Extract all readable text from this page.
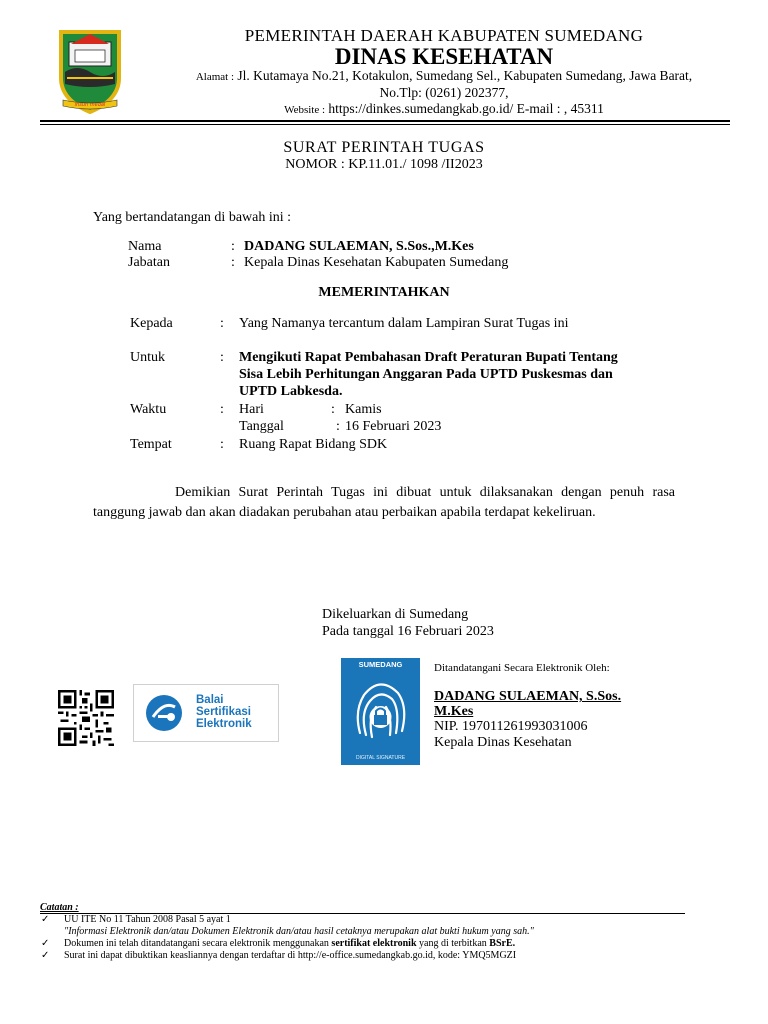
insun medal
PEMERINTAH DAERAH KABUPATEN SUMEDANG
DINAS KESEHATAN
Alamat : Jl. Kutamaya No.21, Kotakulon, Sumedang Sel., Kabupaten Sumedang, Jawa Barat,
No.Tlp: (0261) 202377,
Website : https://dinkes.sumedangkab.go.id/ E-mail : , 45311
SURAT PERINTAH TUGAS
NOMOR : KP.11.01./ 1098 /II2023
Yang bertandatangan di bawah ini :
Nama	: DADANG SULAEMAN, S.Sos.,M.Kes
Jabatan	: Kepala Dinas Kesehatan Kabupaten Sumedang
MEMERINTAHKAN
Kepada	: Yang Namanya tercantum dalam Lampiran Surat Tugas ini
Untuk	: Mengikuti Rapat Pembahasan Draft Peraturan Bupati Tentang
Sisa Lebih Perhitungan Anggaran Pada UPTD Puskesmas dan
UPTD Labkesda.
Waktu	: Hari	: Kamis
Tanggal	: 16 Februari 2023
Tempat	: Ruang Rapat Bidang SDK
Demikian Surat Perintah Tugas ini dibuat untuk dilaksanakan dengan penuh rasa tanggung jawab dan akan diadakan perubahan atau perbaikan apabila terdapat kekeliruan.
Dikeluarkan di Sumedang
Pada tanggal 16 Februari 2023
Balai
Sertifikasi
Elektronik
SUMEDANG
DIGITAL SIGNATURE
Ditandatangani Secara Elektronik Oleh:
DADANG SULAEMAN, S.Sos.
M.Kes
NIP. 197011261993031006
Kepala Dinas Kesehatan
Catatan :
✓ UU ITE No 11 Tahun 2008 Pasal 5 ayat 1
"Informasi Elektronik dan/atau Dokumen Elektronik dan/atau hasil cetaknya merupakan alat bukti hukum yang sah."
✓ Dokumen ini telah ditandatangani secara elektronik menggunakan sertifikat elektronik yang di terbitkan BSrE.
✓ Surat ini dapat dibuktikan keasliannya dengan terdaftar di http://e-office.sumedangkab.go.id, kode: YMQ5MGZI
